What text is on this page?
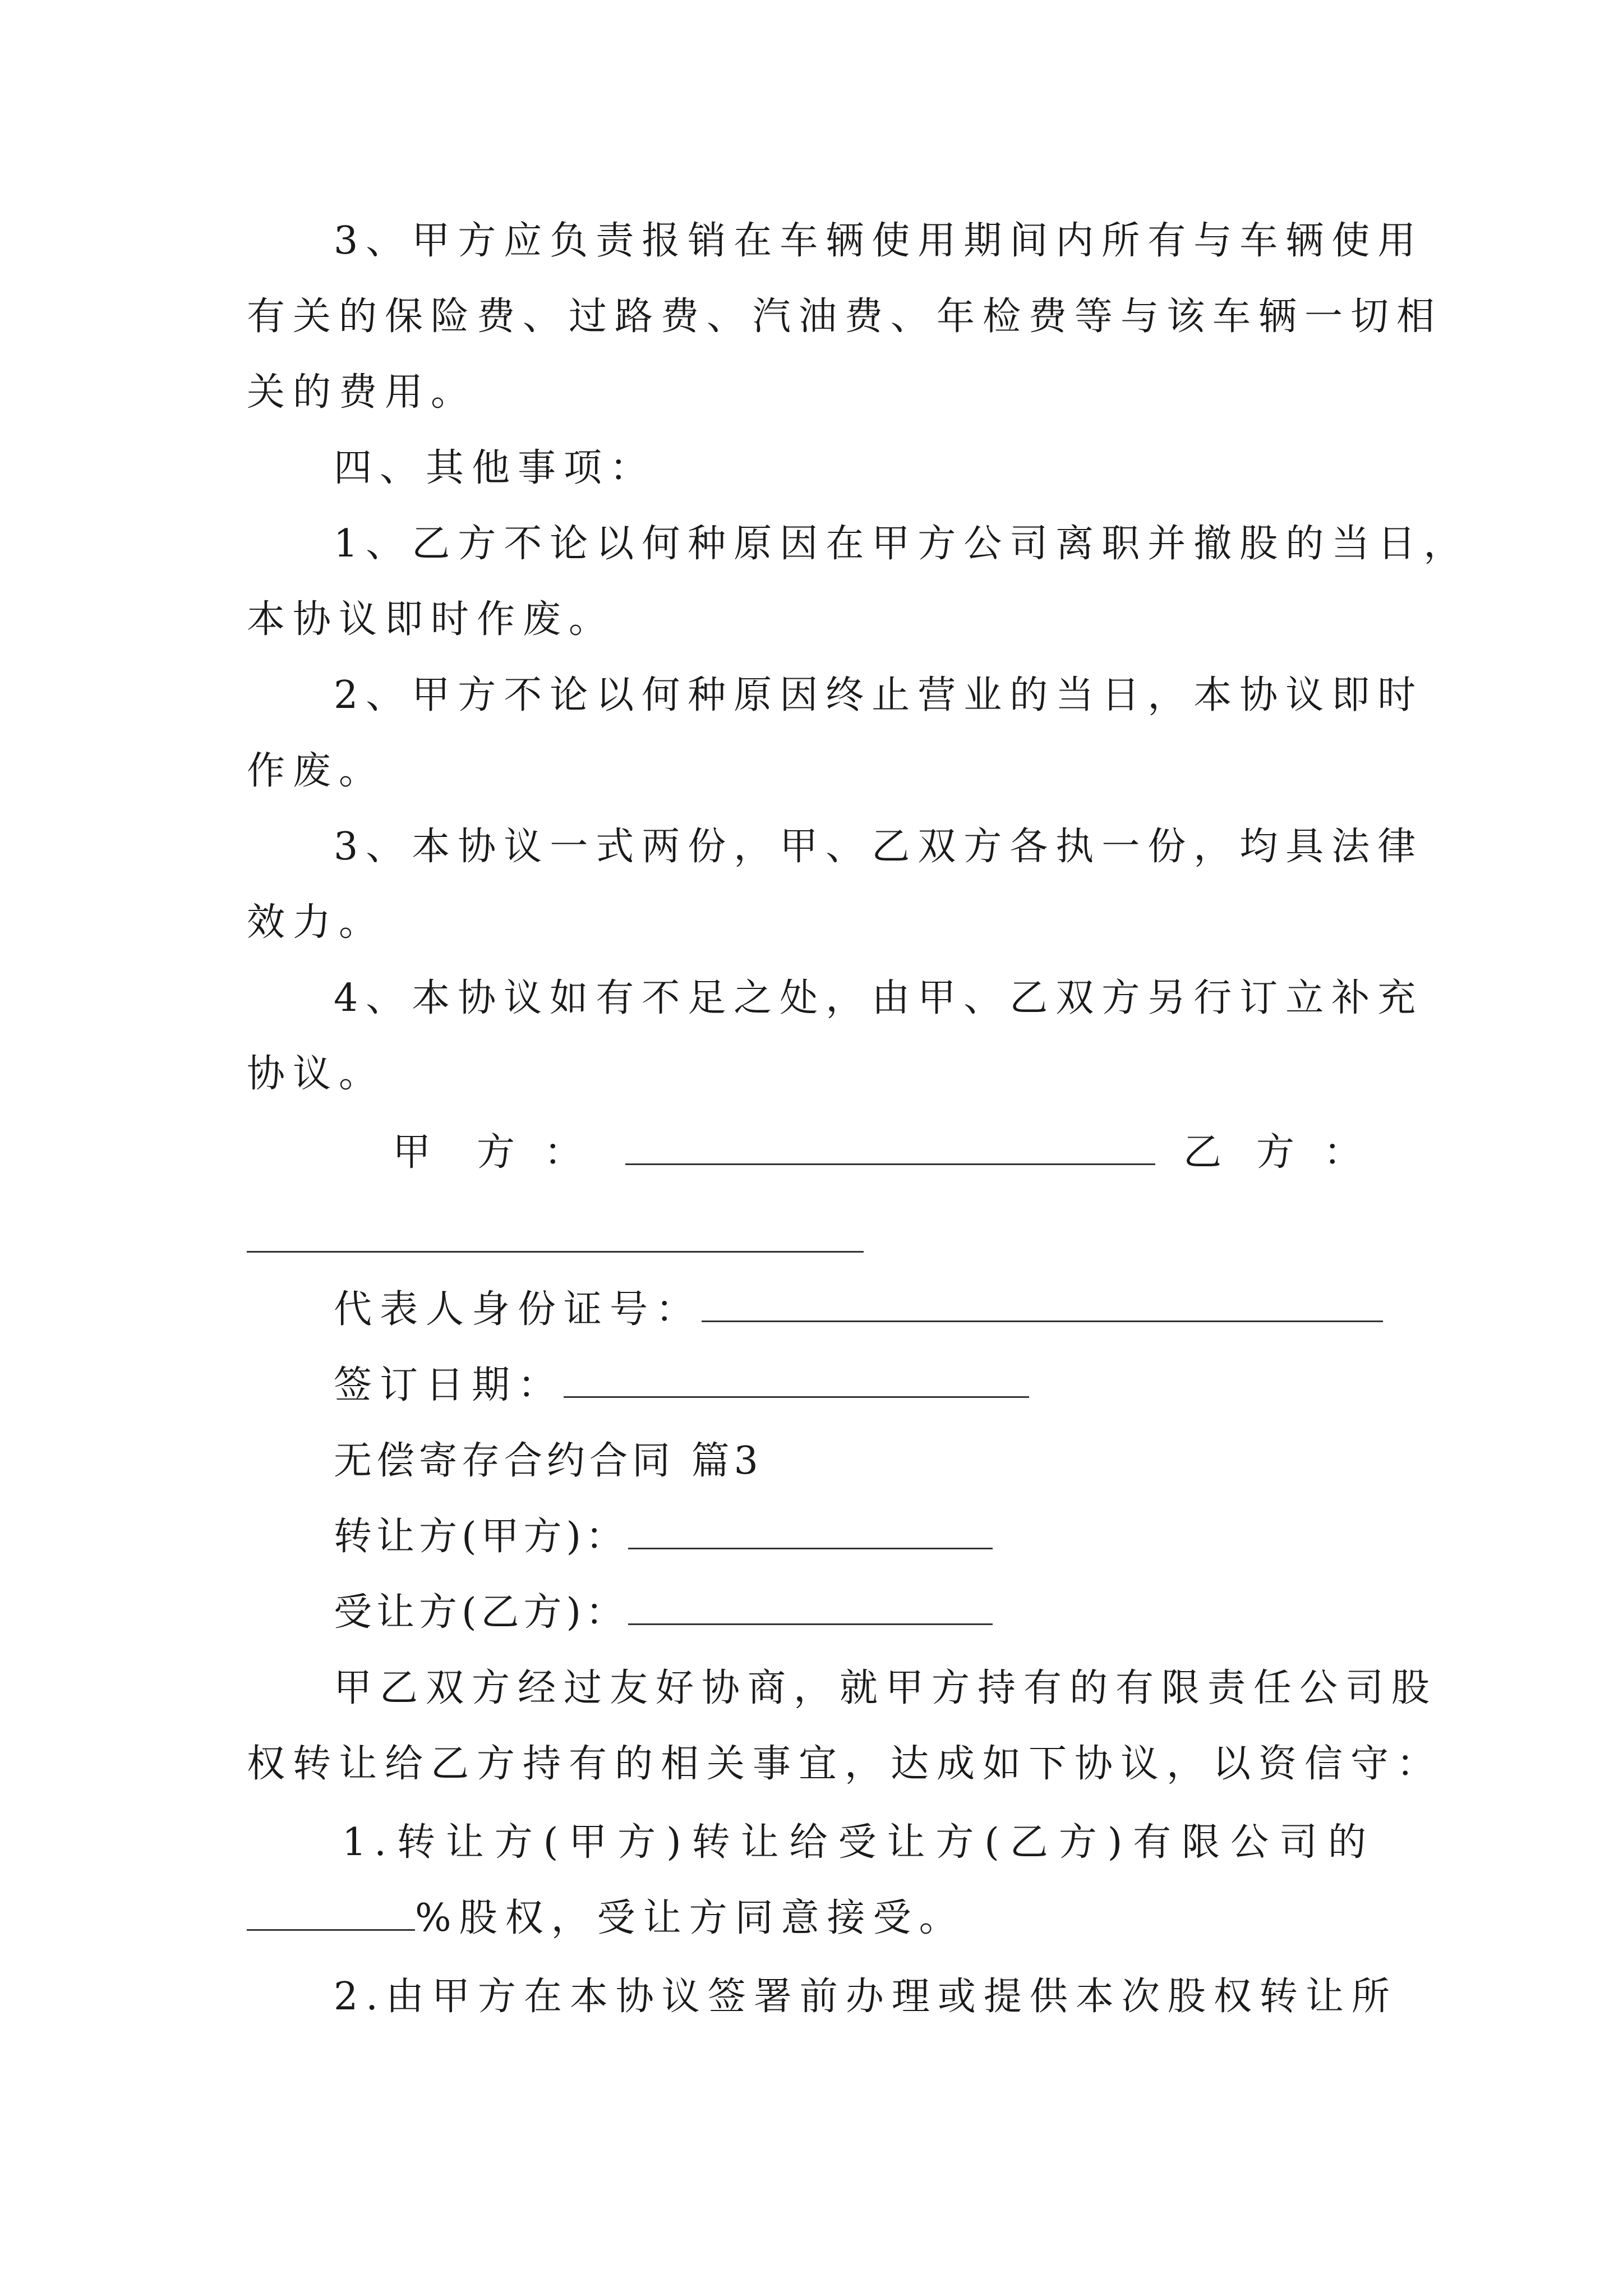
3、甲方应负责报销在车辆使用期间内所有与车辆使用
有关的保险费、过路费、汽油费、年检费等与该车辆一切相
关的费用。
四、其他事项：
1、乙方不论以何种原因在甲方公司离职并撤股的当日，
本协议即时作废。
2、甲方不论以何种原因终止营业的当日，本协议即时
作废。
3、本协议一式两份，甲、乙双方各执一份，均具法律
效力。
4、本协议如有不足之处，由甲、乙双方另行订立补充
协议。
甲 方 ：	乙 方 ：
代表人身份证号：
签订日期：
无偿寄存合约合同 篇3
转让方(甲方)：
受让方(乙方)：
甲乙双方经过友好协商，就甲方持有的有限责任公司股
权转让给乙方持有的相关事宜，达成如下协议，以资信守：
1.转让方(甲方)转让给受让方(乙方)有限公司的
%股权，受让方同意接受。
2.由甲方在本协议签署前办理或提供本次股权转让所
